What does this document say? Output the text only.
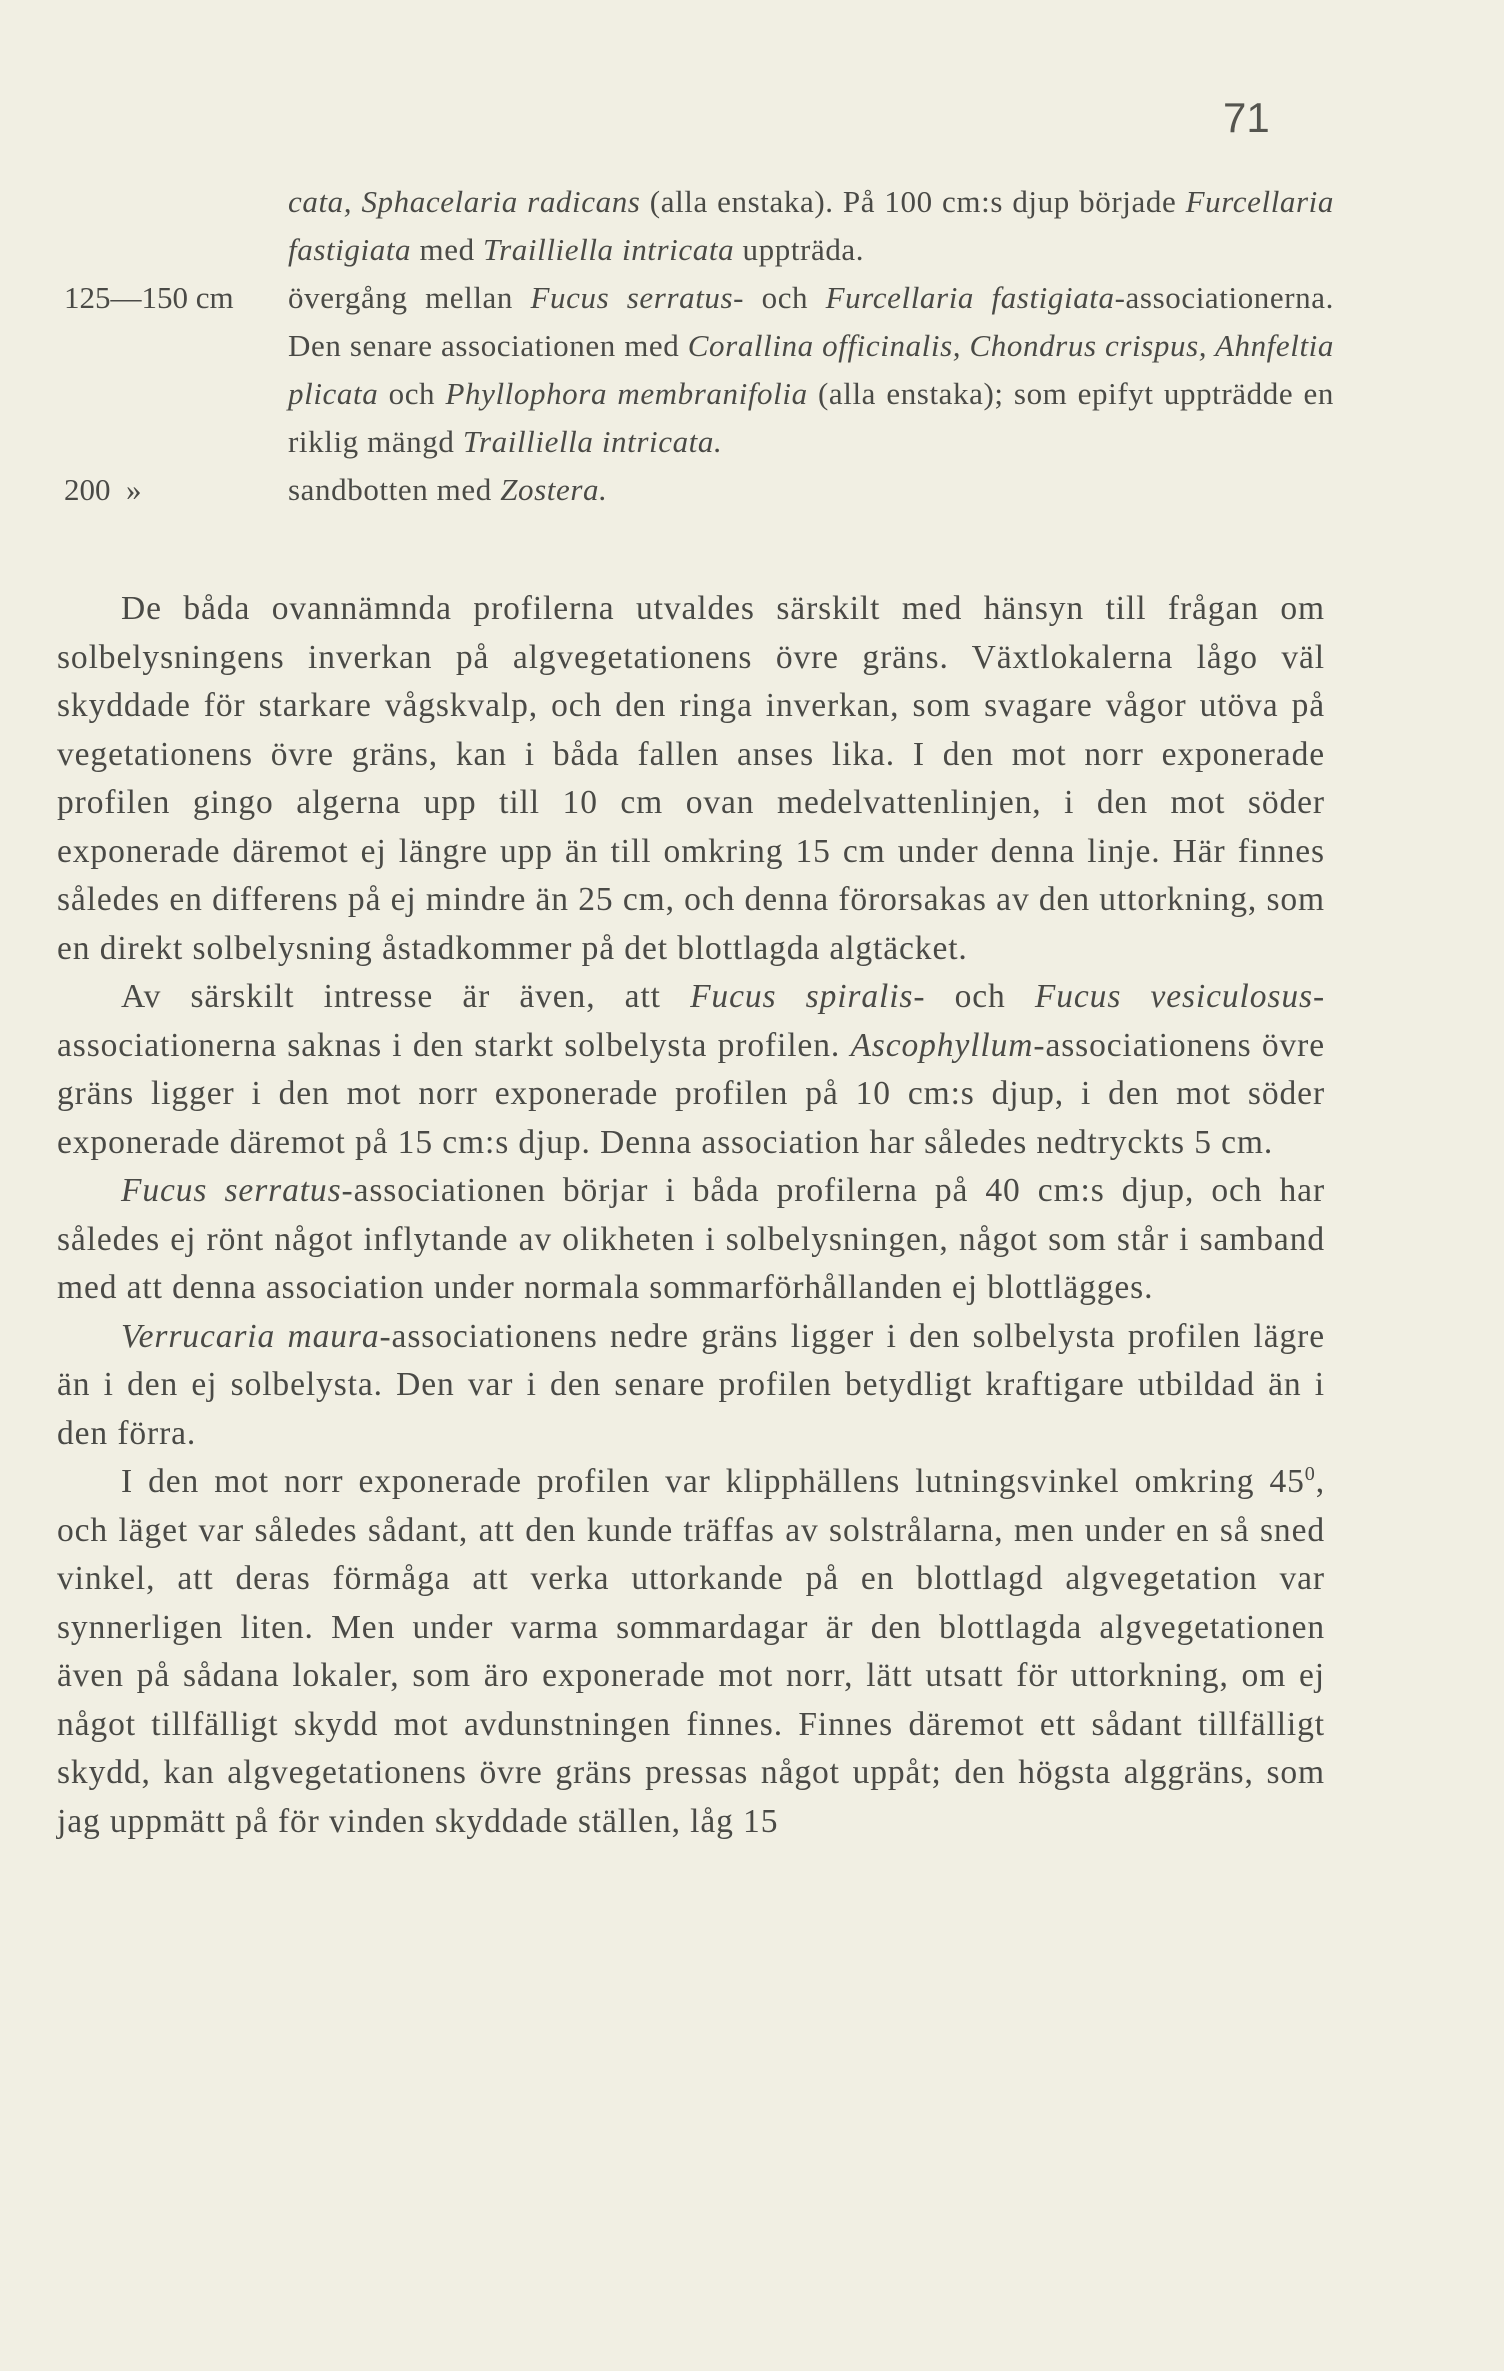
71
cata, Sphacelaria radicans (alla enstaka). På 100 cm:s djup började Furcellaria fastigiata med Trailliella intricata uppträda.
125—150 cm övergång mellan Fucus serratus- och Furcellaria fastigiata-associationerna. Den senare associationen med Corallina officinalis, Chondrus crispus, Ahnfeltia plicata och Phyllophora membranifolia (alla enstaka); som epifyt uppträdde en riklig mängd Trailliella intricata.
200  »	sandbotten med Zostera.

De båda ovannämnda profilerna utvaldes särskilt med hänsyn till frågan om solbelysningens inverkan på algvegetationens övre gräns. Växtlokalerna lågo väl skyddade för starkare vågskvalp, och den ringa inverkan, som svagare vågor utöva på vegetationens övre gräns, kan i båda fallen anses lika. I den mot norr exponerade profilen gingo algerna upp till 10 cm ovan medelvattenlinjen, i den mot söder exponerade däremot ej längre upp än till omkring 15 cm under denna linje. Här finnes således en differens på ej mindre än 25 cm, och denna förorsakas av den uttorkning, som en direkt solbelysning åstadkommer på det blottlagda algtäcket.

Av särskilt intresse är även, att Fucus spiralis- och Fucus vesiculosus-associationerna saknas i den starkt solbelysta profilen. Ascophyllum-associationens övre gräns ligger i den mot norr exponerade profilen på 10 cm:s djup, i den mot söder exponerade däremot på 15 cm:s djup. Denna association har således nedtryckts 5 cm.

Fucus serratus-associationen börjar i båda profilerna på 40 cm:s djup, och har således ej rönt något inflytande av olikheten i solbelysningen, något som står i samband med att denna association under normala sommarförhållanden ej blottlägges.

Verrucaria maura-associationens nedre gräns ligger i den solbelysta profilen lägre än i den ej solbelysta. Den var i den senare profilen betydligt kraftigare utbildad än i den förra.

I den mot norr exponerade profilen var klipphällens lutningsvinkel omkring $45^0$, och läget var således sådant, att den kunde träffas av solstrålarna, men under en så sned vinkel, att deras förmåga att verka uttorkande på en blottlagd algvegetation var synnerligen liten. Men under varma sommardagar är den blottlagda algvegetationen även på sådana lokaler, som äro exponerade mot norr, lätt utsatt för uttorkning, om ej något tillfälligt skydd mot avdunstningen finnes. Finnes däremot ett sådant tillfälligt skydd, kan algvegetationens övre gräns pressas något uppåt; den högsta alggräns, som jag uppmätt på för vinden skyddade ställen, låg 15
